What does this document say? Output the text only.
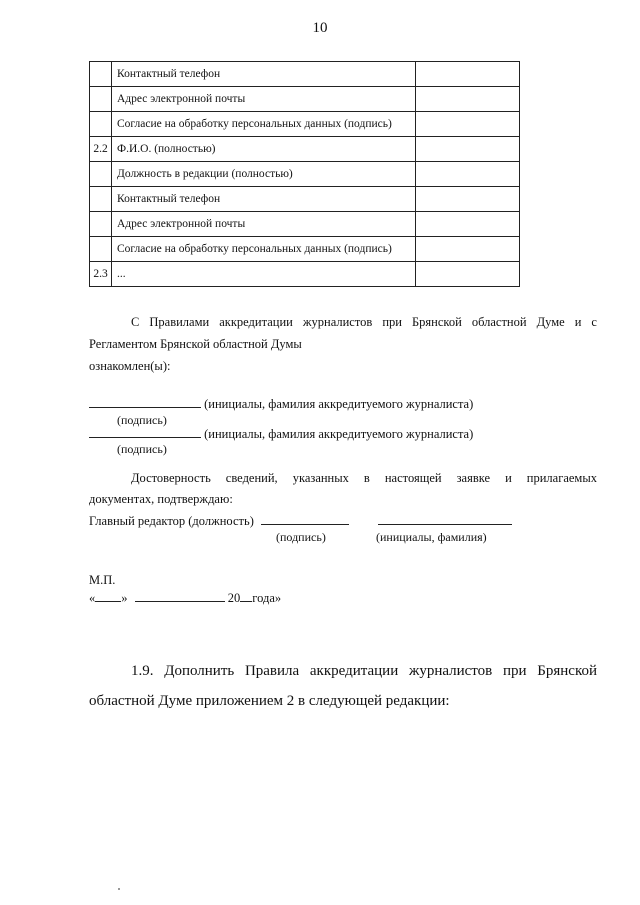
10
	Контактный телефон	
	Адрес электронной почты	
	Согласие на обработку персональных данных (подпись)	
2.2	Ф.И.О. (полностью)	
	Должность в редакции (полностью)	
	Контактный телефон	
	Адрес электронной почты	
	Согласие на обработку персональных данных (подпись)	
2.3	...	
С Правилами аккредитации журналистов при Брянской областной Думе и с
Регламентом Брянской областной Думы
ознакомлен(ы):
(инициалы, фамилия аккредитуемого журналиста)
(подпись)
(инициалы, фамилия аккредитуемого журналиста)
(подпись)
Достоверность сведений, указанных в настоящей заявке и прилагаемых
документах, подтверждаю:
Главный редактор (должность)
(подпись)	(инициалы, фамилия)
М.П.
« »	20 года»
1.9. Дополнить Правила аккредитации журналистов при Брянской
областной Думе приложением 2 в следующей редакции:
